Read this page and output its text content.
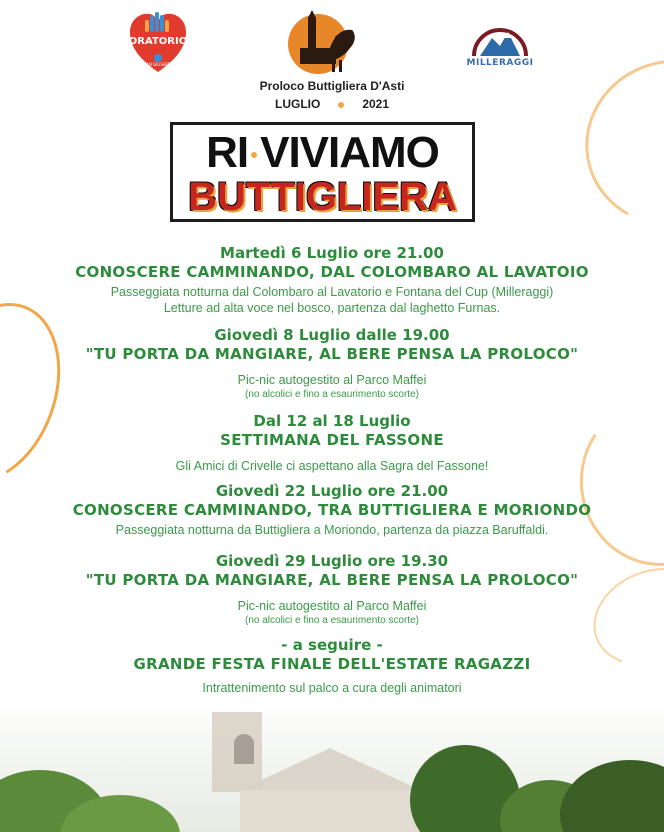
ORATORIO
SAN GIUSEPPE	MILLERAGGI
Proloco Buttigliera D'Asti
LUGLIO	2021
RI VIVIAMO
BUTTIGLIERA
Martedì 6 Luglio ore 21.00
CONOSCERE CAMMINANDO, DAL COLOMBARO AL LAVATOIO
Passeggiata notturna dal Colombaro al Lavatorio e Fontana del Cup (Milleraggi)
Letture ad alta voce nel bosco, partenza dal laghetto Furnas.
Giovedì 8 Luglio dalle 19.00
"TU PORTA DA MANGIARE, AL BERE PENSA LA PROLOCO"
Pic-nic autogestito al Parco Maffei
(no alcolici e fino a esaurimento scorte)
Dal 12 al 18 Luglio
SETTIMANA DEL FASSONE
Gli Amici di Crivelle ci aspettano alla Sagra del Fassone!
Giovedì 22 Luglio ore 21.00
CONOSCERE CAMMINANDO, TRA BUTTIGLIERA E MORIONDO
Passeggiata notturna da Buttigliera a Moriondo, partenza da piazza Baruffaldi.
Giovedì 29 Luglio ore 19.30
"TU PORTA DA MANGIARE, AL BERE PENSA LA PROLOCO"
Pic-nic autogestito al Parco Maffei
(no alcolici e fino a esaurimento scorte)
- a seguire -
GRANDE FESTA FINALE DELL'ESTATE RAGAZZI
Intrattenimento sul palco a cura degli animatori
